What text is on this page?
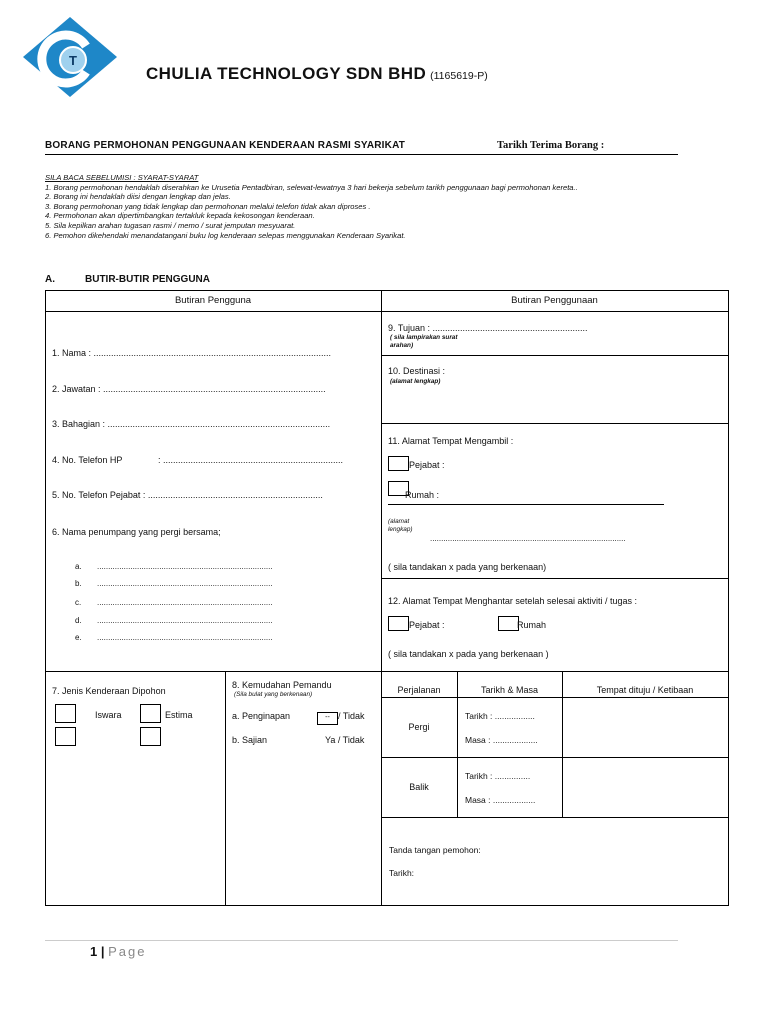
T
CHULIA TECHNOLOGY SDN BHD (1165619-P)
BORANG PERMOHONAN PENGGUNAAN KENDERAAN RASMI SYARIKAT	Tarikh Terima Borang :
SILA BACA SEBELUMISI : SYARAT-SYARAT
1. Borang permohonan hendaklah diserahkan ke Urusetia Pentadbiran, selewat-lewatnya 3 hari bekerja sebelum tarikh penggunaan bagi permohonan kereta..
2. Borang ini hendaklah diisi dengan lengkap dan jelas.
3. Borang permohonan yang tidak lengkap dan permohonan melalui telefon tidak akan diproses .
4. Permohonan akan dipertimbangkan tertakluk kepada kekosongan kenderaan.
5. Sila kepilkan arahan tugasan rasmi / memo / surat jemputan mesyuarat.
6. Pemohon dikehendaki menandatangani buku log kenderaan selepas menggunakan Kenderaan Syarikat.
A.	BUTIR-BUTIR PENGGUNA
Butiran Pengguna	Butiran Penggunaan
1. Nama : ...............................................................................................
2. Jawatan : .........................................................................................
3. Bahagian : .........................................................................................
4. No. Telefon HP	: ........................................................................
5. No. Telefon Pejabat : ......................................................................
6. Nama penumpang yang pergi bersama;
a. ...............................................................................
b. ...............................................................................
c. ...............................................................................
d. ...............................................................................
e. ...............................................................................
9. Tujuan : ..............................................................
( sila lampirakan surat arahan)
10. Destinasi :
(alamat lengkap)
11. Alamat Tempat Mengambil :
Pejabat :
Rumah :
(alamat lengkap)
........................................................................................
( sila tandakan x pada yang berkenaan)
12. Alamat Tempat Menghantar setelah selesai aktiviti / tugas :
Pejabat :	Rumah
( sila tandakan x pada yang berkenaan )
7. Jenis Kenderaan Dipohon
Iswara	Estima
8. Kemudahan Pemandu
(Sila bulat yang berkenaan)
a. Penginapan	-- / Tidak
b. Sajian	Ya / Tidak
Perjalanan	Tarikh & Masa	Tempat dituju / Ketibaan
Pergi
Tarikh : .................
Masa : ...................
Balik
Tarikh : ...............
Masa : ..................
Tanda tangan pemohon:
Tarikh:
1 | Page
